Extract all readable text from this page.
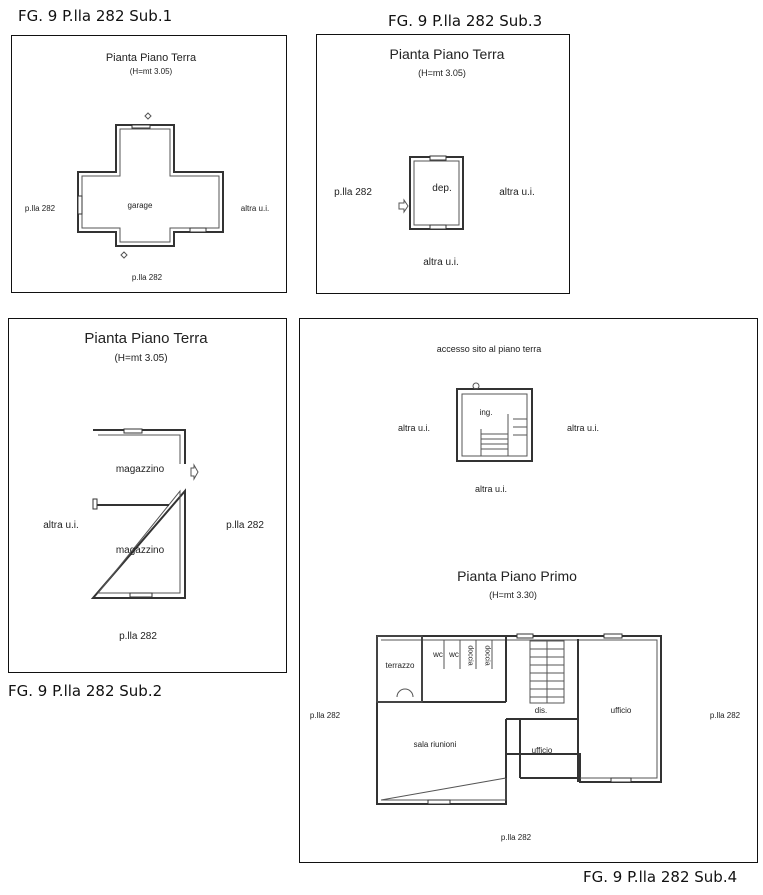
FG. 9 P.lla 282 Sub.1	FG. 9 P.lla 282 Sub.3
FG. 9 P.lla 282 Sub.2
FG. 9 P.lla 282 Sub.4
Pianta Piano Terra
(H=mt 3.05)
garage
p.lla 282	altra u.i.
p.lla 282
Pianta Piano Terra
(H=mt 3.05)
dep.
p.lla 282	altra u.i.
altra u.i.
Pianta Piano Terra
(H=mt 3.05)
magazzino
magazzino
altra u.i.	p.lla 282
p.lla 282
accesso sito al piano terra
ing.
altra u.i.	altra u.i.
altra u.i.
Pianta Piano Primo
(H=mt 3.30)
terrazzo
wc wc doccia doccia
dis.	ufficio
sala riunioni
ufficio
p.lla 282	p.lla 282
p.lla 282
